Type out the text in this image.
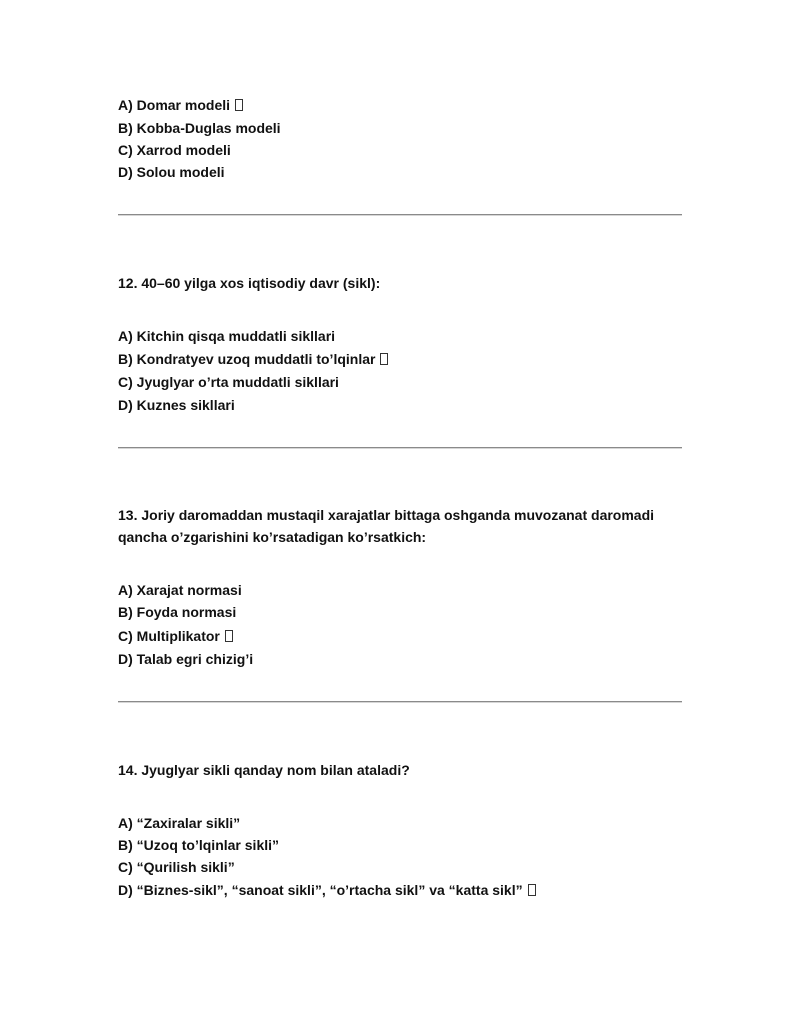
A) Domar modeli
B) Kobba-Duglas modeli
C) Xarrod modeli
D) Solou modeli
12. 40–60 yilga xos iqtisodiy davr (sikl):
A) Kitchin qisqa muddatli sikllari
B) Kondratyev uzoq muddatli to’lqinlar
C) Jyuglyar o’rta muddatli sikllari
D) Kuznes sikllari
13. Joriy daromaddan mustaqil xarajatlar bittaga oshganda muvozanat daromadi
qancha o’zgarishini ko’rsatadigan ko’rsatkich:
A) Xarajat normasi
B) Foyda normasi
C) Multiplikator
D) Talab egri chizig’i
14. Jyuglyar sikli qanday nom bilan ataladi?
A) “Zaxiralar sikli”
B) “Uzoq to’lqinlar sikli”
C) “Qurilish sikli”
D) “Biznes-sikl”, “sanoat sikli”, “o’rtacha sikl” va “katta sikl”
